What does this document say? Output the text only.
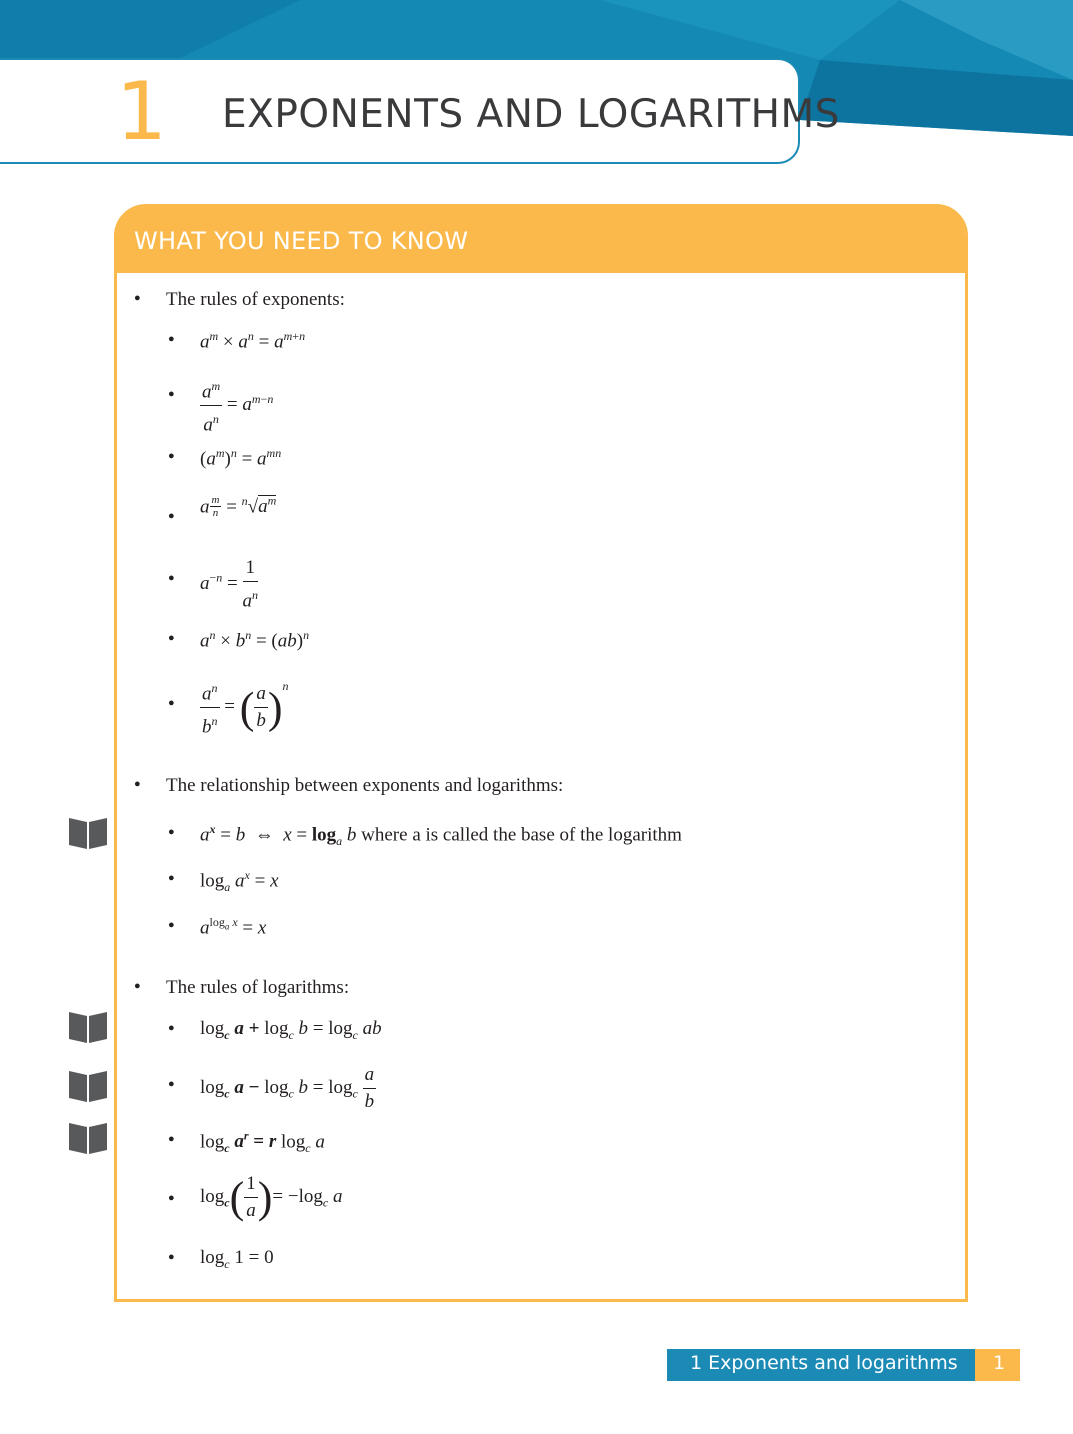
1 EXPONENTS AND LOGARITHMS
WHAT YOU NEED TO KNOW
● The rules of exponents:
● $a^m \times a^n = a^{m+n}$
● $\frac{a^m}{a^n} = a^{m-n}$
● $(a^m)^n = a^{mn}$
● a $\frac{m}{n} = ^n√a^m$
● $a^{-n} = \frac{1}{a^n}$
● $a^n \times b^n = (ab)^n$
● $\frac{a^n}{b^n}$ = ( $\frac{a}{b} )^n$
● The relationship between exponents and logarithms:
● $a^x = b$  ⇔  $x = \log_a b$ where a is called the base of the logarithm
● $\log_a a^x = x$
● $a^{log_a x} = x$
● The rules of logarithms:
● $\log_c a + \log_c b = \log_c$ ab
● $\log_c a - \log_c b = \log_c \frac{a}{b}$
● $\log_c a^r = r$ $\log_c a$
● $\log_c( \frac{1}{a}$ )= $-\log_c$ a
● $\log_c 1 = 0$
1 Exponents and logarithms 1
